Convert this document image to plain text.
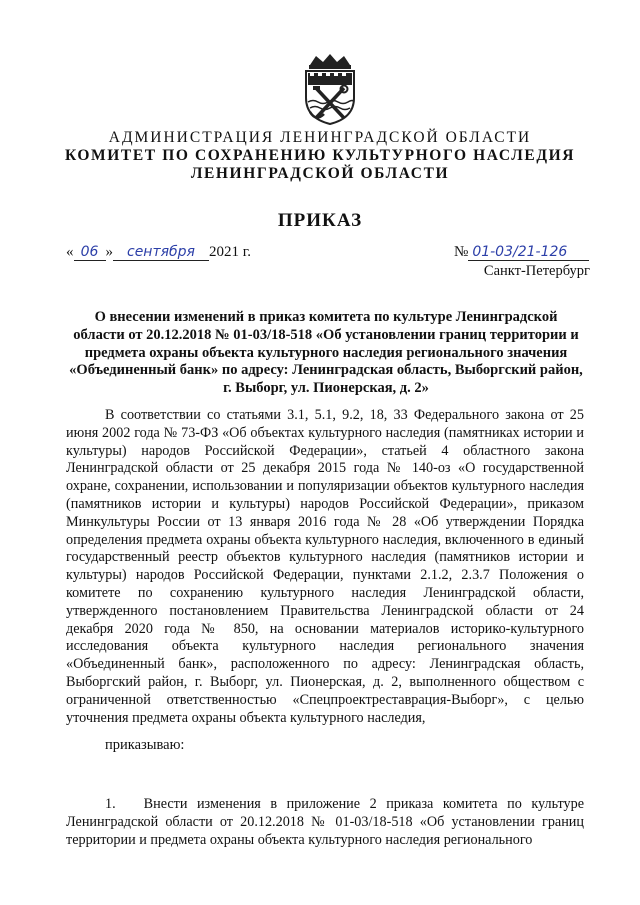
АДМИНИСТРАЦИЯ ЛЕНИНГРАДСКОЙ ОБЛАСТИ
КОМИТЕТ ПО СОХРАНЕНИЮ КУЛЬТУРНОГО НАСЛЕДИЯ
ЛЕНИНГРАДСКОЙ ОБЛАСТИ
ПРИКАЗ
« 06 » сентября 2021 г.	№ 01-03/21-126
Санкт-Петербург
О внесении изменений в приказ комитета по культуре Ленинградской области от 20.12.2018 № 01-03/18-518 «Об установлении границ территории и предмета охраны объекта культурного наследия регионального значения «Объединенный банк» по адресу: Ленинградская область, Выборгский район, г. Выборг, ул. Пионерская, д. 2»
В соответствии со статьями 3.1, 5.1, 9.2, 18, 33 Федерального закона от 25 июня 2002 года № 73-ФЗ «Об объектах культурного наследия (памятниках истории и культуры) народов Российской Федерации», статьей 4 областного закона Ленинградской области от 25 декабря 2015 года № 140-оз «О государственной охране, сохранении, использовании и популяризации объектов культурного наследия (памятников истории и культуры) народов Российской Федерации», приказом Минкультуры России от 13 января 2016 года № 28 «Об утверждении Порядка определения предмета охраны объекта культурного наследия, включенного в единый государственный реестр объектов культурного наследия (памятников истории и культуры) народов Российской Федерации, пунктами 2.1.2, 2.3.7 Положения о комитете по сохранению культурного наследия Ленинградской области, утвержденного постановлением Правительства Ленинградской области от 24 декабря 2020 года № 850, на основании материалов историко-культурного исследования объекта культурного наследия регионального значения «Объединенный банк», расположенного по адресу: Ленинградская область, Выборгский район, г. Выборг, ул. Пионерская, д. 2, выполненного обществом с ограниченной ответственностью «Спецпроектреставрация-Выборг», с целью уточнения предмета охраны объекта культурного наследия,
приказываю:
1. Внести изменения в приложение 2 приказа комитета по культуре Ленинградской области от 20.12.2018 № 01-03/18-518 «Об установлении границ территории и предмета охраны объекта культурного наследия регионального
